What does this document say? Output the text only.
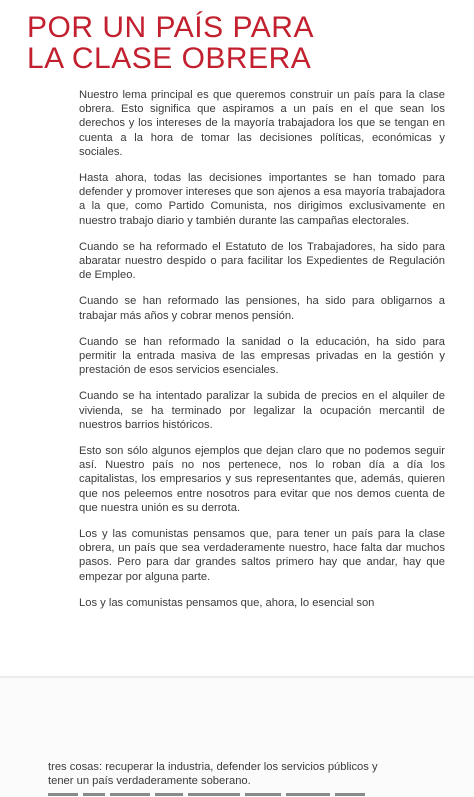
POR UN PAÍS PARA
LA CLASE OBRERA

Nuestro lema principal es que queremos construir un país para la clase obrera. Esto significa que aspiramos a un país en el que sean los derechos y los intereses de la mayoría trabajadora los que se tengan en cuenta a la hora de tomar las decisiones políticas, económicas y sociales.

Hasta ahora, todas las decisiones importantes se han tomado para defender y promover intereses que son ajenos a esa mayoría trabajadora a la que, como Partido Comunista, nos dirigimos exclusivamente en nuestro trabajo diario y también durante las campañas electorales.

Cuando se ha reformado el Estatuto de los Trabajadores, ha sido para abaratar nuestro despido o para facilitar los Expedientes de Regulación de Empleo.

Cuando se han reformado las pensiones, ha sido para obligarnos a trabajar más años y cobrar menos pensión.

Cuando se han reformado la sanidad o la educación, ha sido para permitir la entrada masiva de las empresas privadas en la gestión y prestación de esos servicios esenciales.

Cuando se ha intentado paralizar la subida de precios en el alquiler de vivienda, se ha terminado por legalizar la ocupación mercantil de nuestros barrios históricos.

Esto son sólo algunos ejemplos que dejan claro que no podemos seguir así. Nuestro país no nos pertenece, nos lo roban día a día los capitalistas, los empresarios y sus representantes que, además, quieren que nos peleemos entre nosotros para evitar que nos demos cuenta de que nuestra unión es su derrota.

Los y las comunistas pensamos que, para tener un país para la clase obrera, un país que sea verdaderamente nuestro, hace falta dar muchos pasos. Pero para dar grandes saltos primero hay que andar, hay que empezar por alguna parte.

Los y las comunistas pensamos que, ahora, lo esencial son

tres cosas: recuperar la industria, defender los servicios públicos y tener un país verdaderamente soberano.
